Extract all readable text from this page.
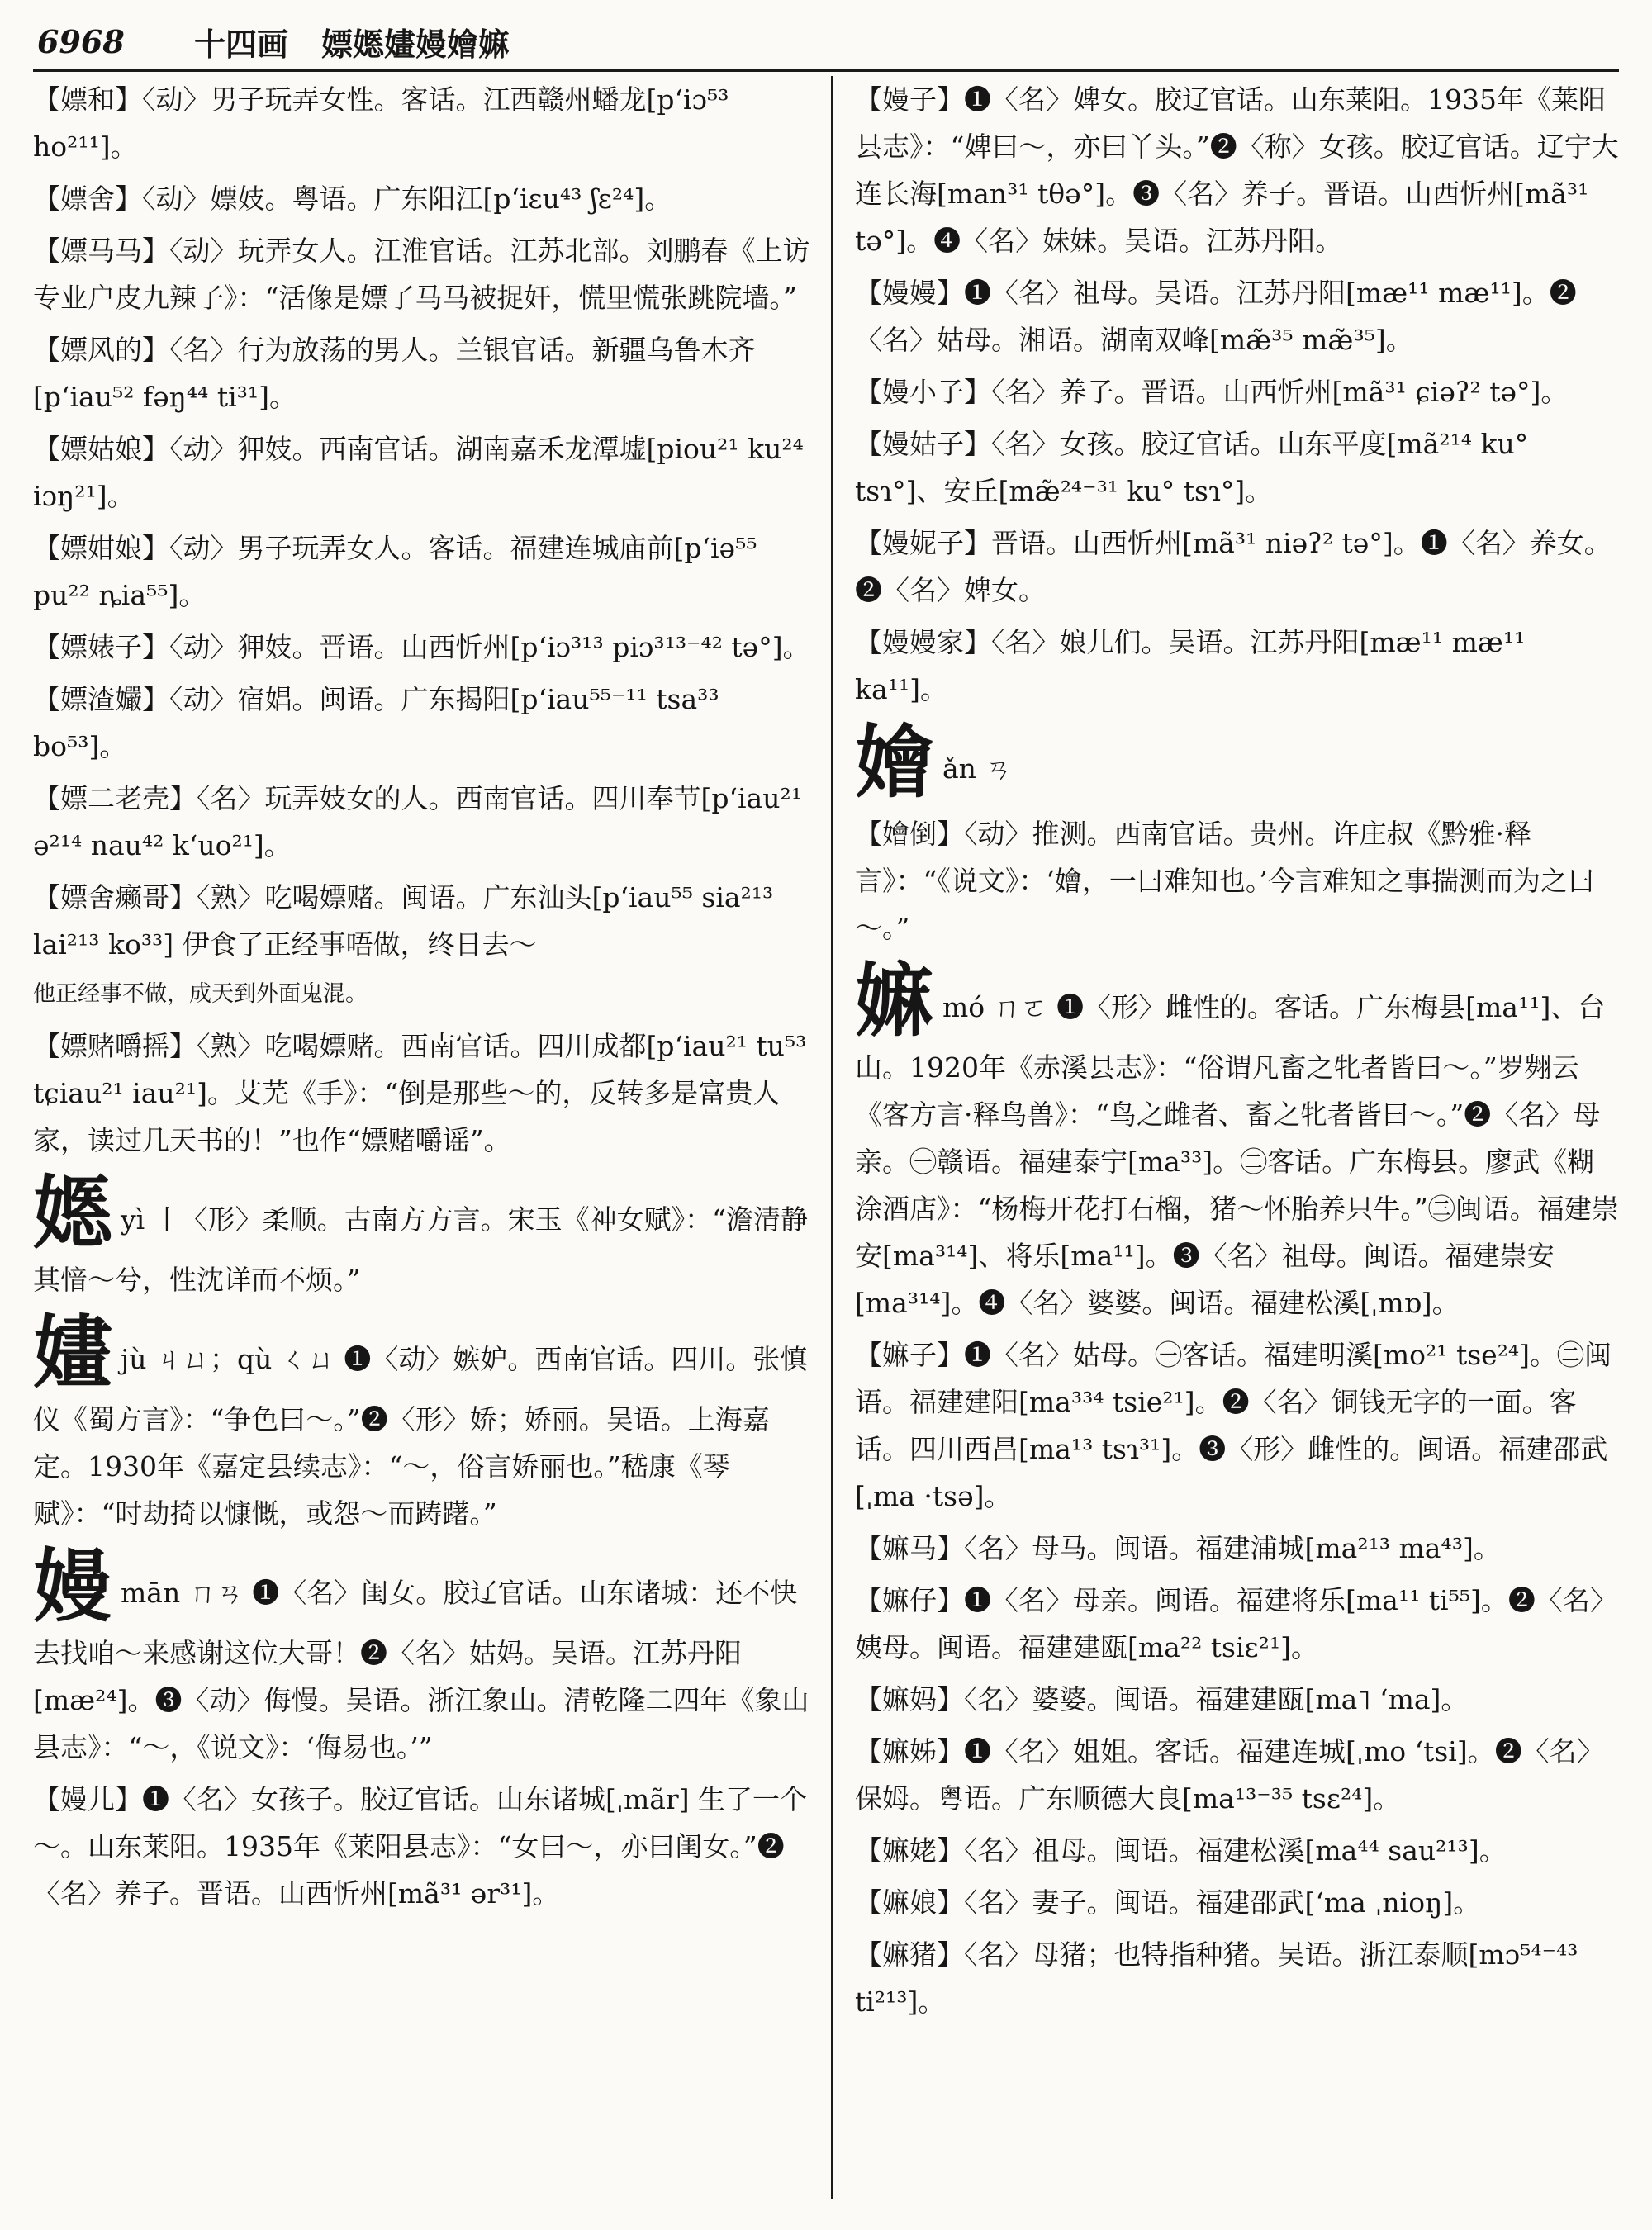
6968	十四画 嫖嫕嫿嫚嬒嫲

【嫖和】〈动〉男子玩弄女性。客话。江西赣州蟠龙[pʻiɔ⁵³ ho²¹¹]。

【嫖舍】〈动〉嫖妓。粤语。广东阳江[pʻiɛu⁴³ ʃɛ²⁴]。

【嫖马马】〈动〉玩弄女人。江淮官话。江苏北部。刘鹏春《上访专业户皮九辣子》：“活像是嫖了马马被捉奸，慌里慌张跳院墙。”

【嫖风的】〈名〉行为放荡的男人。兰银官话。新疆乌鲁木齐[pʻiau⁵² fəŋ⁴⁴ ti³¹]。

【嫖姑娘】〈动〉狎妓。西南官话。湖南嘉禾龙潭墟[piou²¹ ku²⁴ iɔŋ²¹]。

【嫖姏娘】〈动〉男子玩弄女人。客话。福建连城庙前[pʻiə⁵⁵ pu²² ȵia⁵⁵]。

【嫖婊子】〈动〉狎妓。晋语。山西忻州[pʻiɔ³¹³ piɔ³¹³⁻⁴² tə°]。

【嫖渣孍】〈动〉宿娼。闽语。广东揭阳[pʻiau⁵⁵⁻¹¹ tsa³³ bo⁵³]。

【嫖二老壳】〈名〉玩弄妓女的人。西南官话。四川奉节[pʻiau²¹ ə²¹⁴ nau⁴² kʻuo²¹]。

【嫖舍癞哥】〈熟〉吃喝嫖赌。闽语。广东汕头[pʻiau⁵⁵ sia²¹³ lai²¹³ ko³³] 伊食了正经事唔做，终日去～
他正经事不做，成天到外面鬼混。

【嫖赌嚼摇】〈熟〉吃喝嫖赌。西南官话。四川成都[pʻiau²¹ tu⁵³ tɕiau²¹ iau²¹]。艾芜《手》：“倒是那些～的，反转多是富贵人家，读过几天书的！”也作“嫖赌嚼谣”。

嫕yì 丨〈形〉柔顺。古南方方言。宋玉《神女赋》：“澹清静其愔～兮，性沈详而不烦。”

嫿jù ㄐㄩ；qù ㄑㄩ ❶〈动〉嫉妒。西南官话。四川。张慎仪《蜀方言》：“争色曰～。”❷〈形〉娇；娇丽。吴语。上海嘉定。1930年《嘉定县续志》：“～，俗言娇丽也。”嵇康《琴赋》：“时劫掎以慷慨，或怨～而踌躇。”

嫚mān ㄇㄢ ❶〈名〉闺女。胶辽官话。山东诸城：还不快去找咱～来感谢这位大哥！❷〈名〉姑妈。吴语。江苏丹阳[mæ²⁴]。❸〈动〉侮慢。吴语。浙江象山。清乾隆二四年《象山县志》：“～，《说文》：‘侮易也。’”

【嫚儿】❶〈名〉女孩子。胶辽官话。山东诸城[ˌmãr] 生了一个～。山东莱阳。1935年《莱阳县志》：“女曰～，亦曰闺女。”❷〈名〉养子。晋语。山西忻州[mã³¹ ər³¹]。

【嫚子】❶〈名〉婢女。胶辽官话。山东莱阳。1935年《莱阳县志》：“婢曰～，亦曰丫头。”❷〈称〉女孩。胶辽官话。辽宁大连长海[man³¹ tθə°]。❸〈名〉养子。晋语。山西忻州[mã³¹ tə°]。❹〈名〉妹妹。吴语。江苏丹阳。

【嫚嫚】❶〈名〉祖母。吴语。江苏丹阳[mæ¹¹ mæ¹¹]。❷〈名〉姑母。湘语。湖南双峰[mæ̃³⁵ mæ̃³⁵]。

【嫚小子】〈名〉养子。晋语。山西忻州[mã³¹ ɕiəʔ² tə°]。

【嫚姑子】〈名〉女孩。胶辽官话。山东平度[mã²¹⁴ ku° tsɿ°]、安丘[mæ̃²⁴⁻³¹ ku° tsɿ°]。

【嫚妮子】晋语。山西忻州[mã³¹ niəʔ² tə°]。❶〈名〉养女。❷〈名〉婢女。

【嫚嫚家】〈名〉娘儿们。吴语。江苏丹阳[mæ¹¹ mæ¹¹ ka¹¹]。

嬒ǎn ㄢ

【嬒倒】〈动〉推测。西南官话。贵州。许庄叔《黔雅·释言》：“《说文》：‘嬒，一曰难知也。’今言难知之事揣测而为之曰～。”

嫲mó ㄇㄛ ❶〈形〉雌性的。客话。广东梅县[ma¹¹]、台山。1920年《赤溪县志》：“俗谓凡畜之牝者皆曰～。”罗翙云《客方言·释鸟兽》：“鸟之雌者、畜之牝者皆曰～。”❷〈名〉母亲。㊀赣语。福建泰宁[ma³³]。㊁客话。广东梅县。廖武《糊涂酒店》：“杨梅开花打石榴，猪～怀胎养只牛。”㊂闽语。福建崇安[ma³¹⁴]、将乐[ma¹¹]。❸〈名〉祖母。闽语。福建崇安[ma³¹⁴]。❹〈名〉婆婆。闽语。福建松溪[ˌmɒ]。

【嫲子】❶〈名〉姑母。㊀客话。福建明溪[mo²¹ tse²⁴]。㊁闽语。福建建阳[ma³³⁴ tsie²¹]。❷〈名〉铜钱无字的一面。客话。四川西昌[ma¹³ tsɿ³¹]。❸〈形〉雌性的。闽语。福建邵武[ˌma ·tsə]。

【嫲马】〈名〉母马。闽语。福建浦城[ma²¹³ ma⁴³]。

【嫲仔】❶〈名〉母亲。闽语。福建将乐[ma¹¹ ti⁵⁵]。❷〈名〉姨母。闽语。福建建瓯[ma²² tsiɛ²¹]。

【嫲妈】〈名〉婆婆。闽语。福建建瓯[ma˥ ʻma]。

【嫲姊】❶〈名〉姐姐。客话。福建连城[ˌmo ʻtsi]。❷〈名〉保姆。粤语。广东顺德大良[ma¹³⁻³⁵ tsɛ²⁴]。

【嫲姥】〈名〉祖母。闽语。福建松溪[ma⁴⁴ sau²¹³]。

【嫲娘】〈名〉妻子。闽语。福建邵武[ʻma ˌnioŋ]。

【嫲猪】〈名〉母猪；也特指种猪。吴语。浙江泰顺[mɔ⁵⁴⁻⁴³ ti²¹³]。
